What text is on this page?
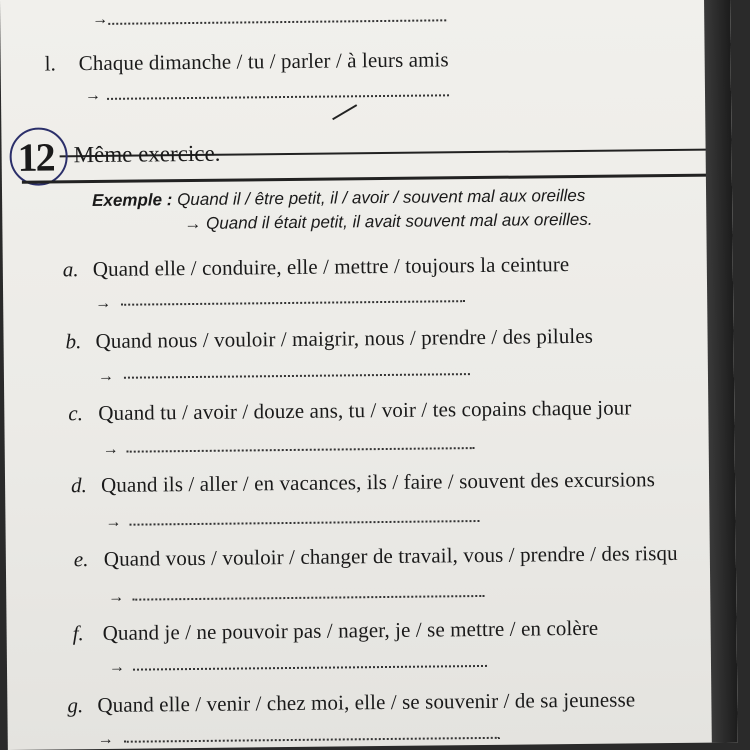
→
l. Chaque dimanche / tu / parler / à leurs amis
→
12 Même exercice.
Exemple : Quand il / être petit, il / avoir / souvent mal aux oreilles
→ Quand il était petit, il avait souvent mal aux oreilles.
a. Quand elle / conduire, elle / mettre / toujours la ceinture
→
b. Quand nous / vouloir / maigrir, nous / prendre / des pilules
→
c. Quand tu / avoir / douze ans, tu / voir / tes copains chaque jour
→
d. Quand ils / aller / en vacances, ils / faire / souvent des excursions
→
e. Quand vous / vouloir / changer de travail, vous / prendre / des risqu
→
f. Quand je / ne pouvoir pas / nager, je / se mettre / en colère
→
g. Quand elle / venir / chez moi, elle / se souvenir / de sa jeunesse
→
